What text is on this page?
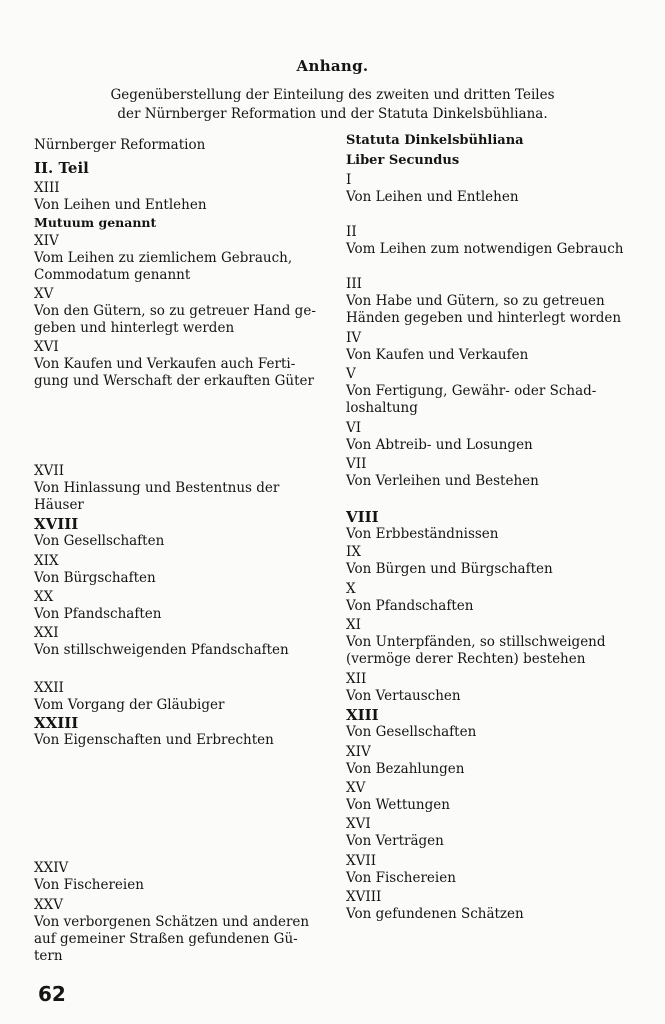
Anhang.
Gegenüberstellung der Einteilung des zweiten und dritten Teiles
der Nürnberger Reformation und der Statuta Dinkelsbühliana.
Nürnberger Reformation
II. Teil
XIII
Von Leihen und Entlehen
Mutuum genannt
XIV
Vom Leihen zu ziemlichem Gebrauch,
Commodatum genannt
XV
Von den Gütern, so zu getreuer Hand ge-
geben und hinterlegt werden
XVI
Von Kaufen und Verkaufen auch Ferti-
gung und Werschaft der erkauften Güter
XVII
Von Hinlassung und Bestentnus der
Häuser
XVIII
Von Gesellschaften
XIX
Von Bürgschaften
XX
Von Pfandschaften
XXI
Von stillschweigenden Pfandschaften
XXII
Vom Vorgang der Gläubiger
XXIII
Von Eigenschaften und Erbrechten
XXIV
Von Fischereien
XXV
Von verborgenen Schätzen und anderen
auf gemeiner Straßen gefundenen Gü-
tern
Statuta Dinkelsbühliana
Liber Secundus
I
Von Leihen und Entlehen
II
Vom Leihen zum notwendigen Gebrauch
III
Von Habe und Gütern, so zu getreuen
Händen gegeben und hinterlegt worden
IV
Von Kaufen und Verkaufen
V
Von Fertigung, Gewähr- oder Schad-
loshaltung
VI
Von Abtreib- und Losungen
VII
Von Verleihen und Bestehen
VIII
Von Erbbeständnissen
IX
Von Bürgen und Bürgschaften
X
Von Pfandschaften
XI
Von Unterpfänden, so stillschweigend
(vermöge derer Rechten) bestehen
XII
Von Vertauschen
XIII
Von Gesellschaften
XIV
Von Bezahlungen
XV
Von Wettungen
XVI
Von Verträgen
XVII
Von Fischereien
XVIII
Von gefundenen Schätzen
62
